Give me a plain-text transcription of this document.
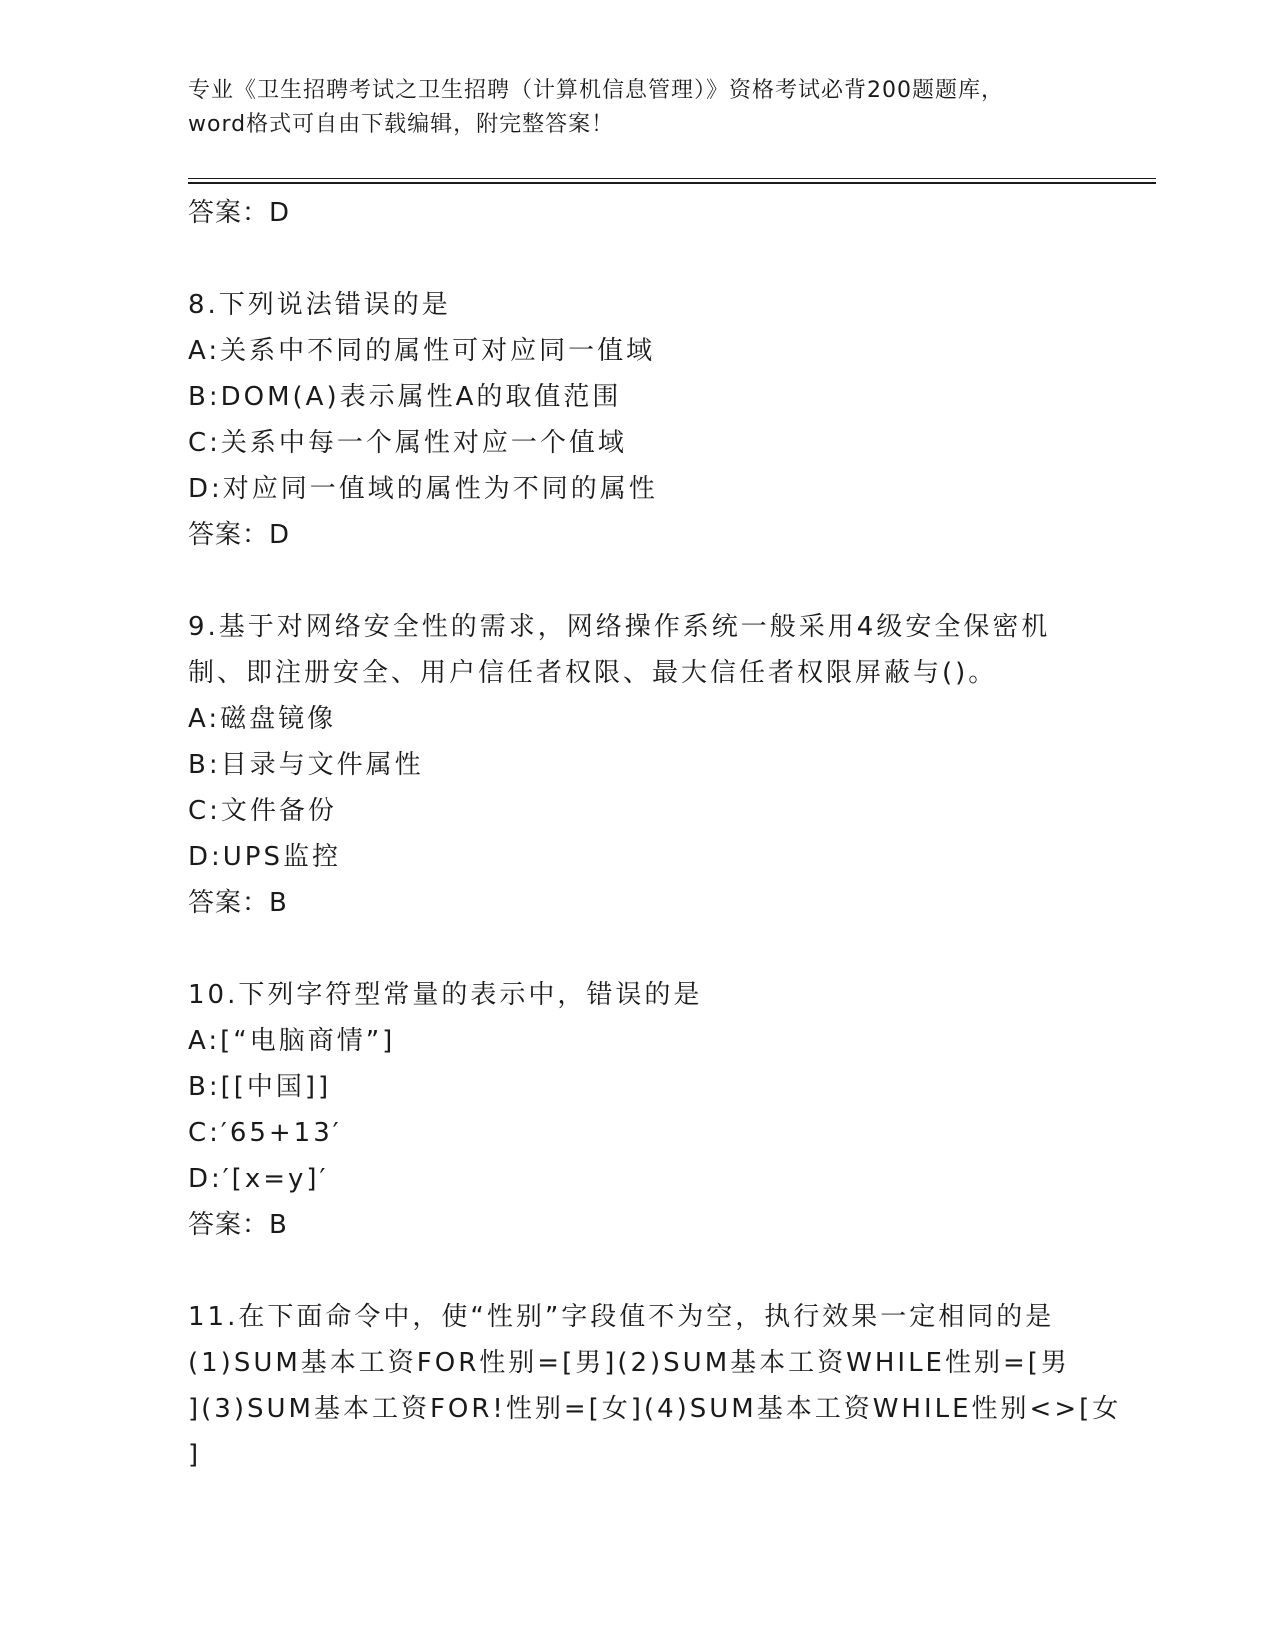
专业《卫生招聘考试之卫生招聘（计算机信息管理）》资格考试必背200题题库，
word格式可自由下载编辑，附完整答案！
答案：D
8.下列说法错误的是
A:关系中不同的属性可对应同一值域
B:DOM(A)表示属性A的取值范围
C:关系中每一个属性对应一个值域
D:对应同一值域的属性为不同的属性
答案：D
9.基于对网络安全性的需求，网络操作系统一般采用4级安全保密机
制、即注册安全、用户信任者权限、最大信任者权限屏蔽与()。
A:磁盘镜像
B:目录与文件属性
C:文件备份
D:UPS监控
答案：B
10.下列字符型常量的表示中，错误的是
A:[“电脑商情”]
B:[[中国]]
C:′65+13′
D:′[x=y]′
答案：B
11.在下面命令中，使“性别”字段值不为空，执行效果一定相同的是
(1)SUM基本工资FOR性别=[男](2)SUM基本工资WHILE性别=[男
](3)SUM基本工资FOR!性别=[女](4)SUM基本工资WHILE性别<>[女
]
